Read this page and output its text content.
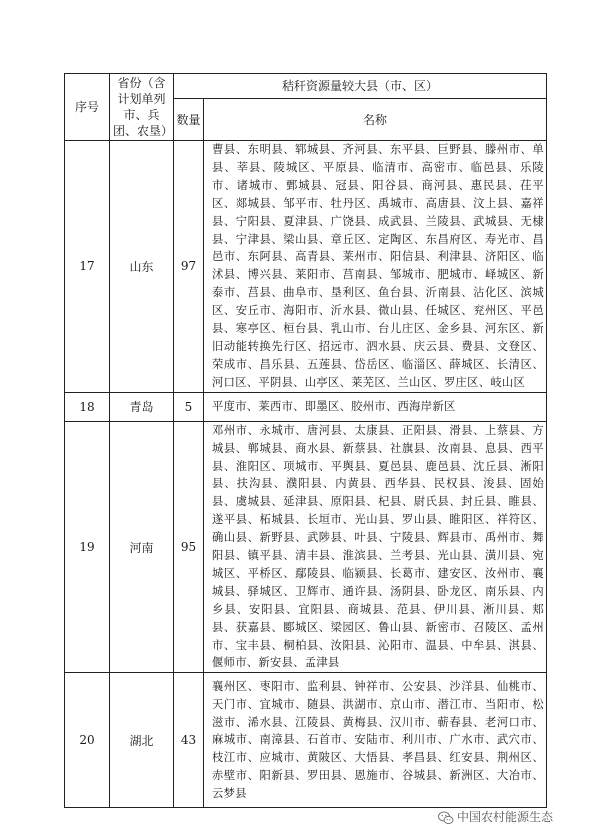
序号	省份（含计划单列市、兵团、农垦）	秸秆资源量较大县（市、区）	
		数量	名称
17	山东	97	曹县、东明县、郓城县、齐河县、东平县、巨野县、滕州市、单县、莘县、陵城区、平原县、临清市、高密市、临邑县、乐陵市、诸城市、鄄城县、冠县、阳谷县、商河县、惠民县、茌平区、郯城县、邹平市、牡丹区、禹城市、高唐县、汶上县、嘉祥县、宁阳县、夏津县、广饶县、成武县、兰陵县、武城县、无棣县、宁津县、梁山县、章丘区、定陶区、东昌府区、寿光市、昌邑市、东阿县、高青县、莱州市、阳信县、利津县、济阳区、临沭县、博兴县、莱阳市、莒南县、邹城市、肥城市、峄城区、新泰市、莒县、曲阜市、垦利区、鱼台县、沂南县、沾化区、滨城区、安丘市、海阳市、沂水县、微山县、任城区、兖州区、平邑县、寒亭区、桓台县、乳山市、台儿庄区、金乡县、河东区、新旧动能转换先行区、招远市、泗水县、庆云县、费县、文登区、荣成市、昌乐县、五莲县、岱岳区、临淄区、薛城区、长清区、河口区、平阴县、山亭区、莱芜区、兰山区、罗庄区、岐山区
18	青岛	5	平度市、莱西市、即墨区、胶州市、西海岸新区
19	河南	95	邓州市、永城市、唐河县、太康县、正阳县、滑县、上蔡县、方城县、郸城县、商水县、新蔡县、社旗县、汝南县、息县、西平县、淮阳区、项城市、平舆县、夏邑县、鹿邑县、沈丘县、淅阳县、扶沟县、濮阳县、内黄县、西华县、民权县、浚县、固始县、虞城县、延津县、原阳县、杞县、尉氏县、封丘县、睢县、遂平县、柘城县、长垣市、光山县、罗山县、睢阳区、祥符区、确山县、新野县、武陟县、叶县、宁陵县、辉县市、禹州市、舞阳县、镇平县、清丰县、淮滨县、兰考县、光山县、潢川县、宛城区、平桥区、鄢陵县、临颍县、长葛市、建安区、汝州市、襄城县、驿城区、卫辉市、通许县、汤阴县、卧龙区、南乐县、内乡县、安阳县、宜阳县、商城县、范县、伊川县、淅川县、郏县、获嘉县、郾城区、梁园区、鲁山县、新密市、召陵区、孟州市、宝丰县、桐柏县、汝阳县、沁阳市、温县、中牟县、淇县、偃师市、新安县、孟津县
20	湖北	43	襄州区、枣阳市、监利县、钟祥市、公安县、沙洋县、仙桃市、天门市、宜城市、随县、洪湖市、京山市、潜江市、当阳市、松滋市、浠水县、江陵县、黄梅县、汉川市、蕲春县、老河口市、麻城市、南漳县、石首市、安陆市、利川市、广水市、武穴市、枝江市、应城市、黄陂区、大悟县、孝昌县、红安县、荆州区、赤壁市、阳新县、罗田县、恩施市、谷城县、新洲区、大冶市、云梦县
中国农村能源生态
